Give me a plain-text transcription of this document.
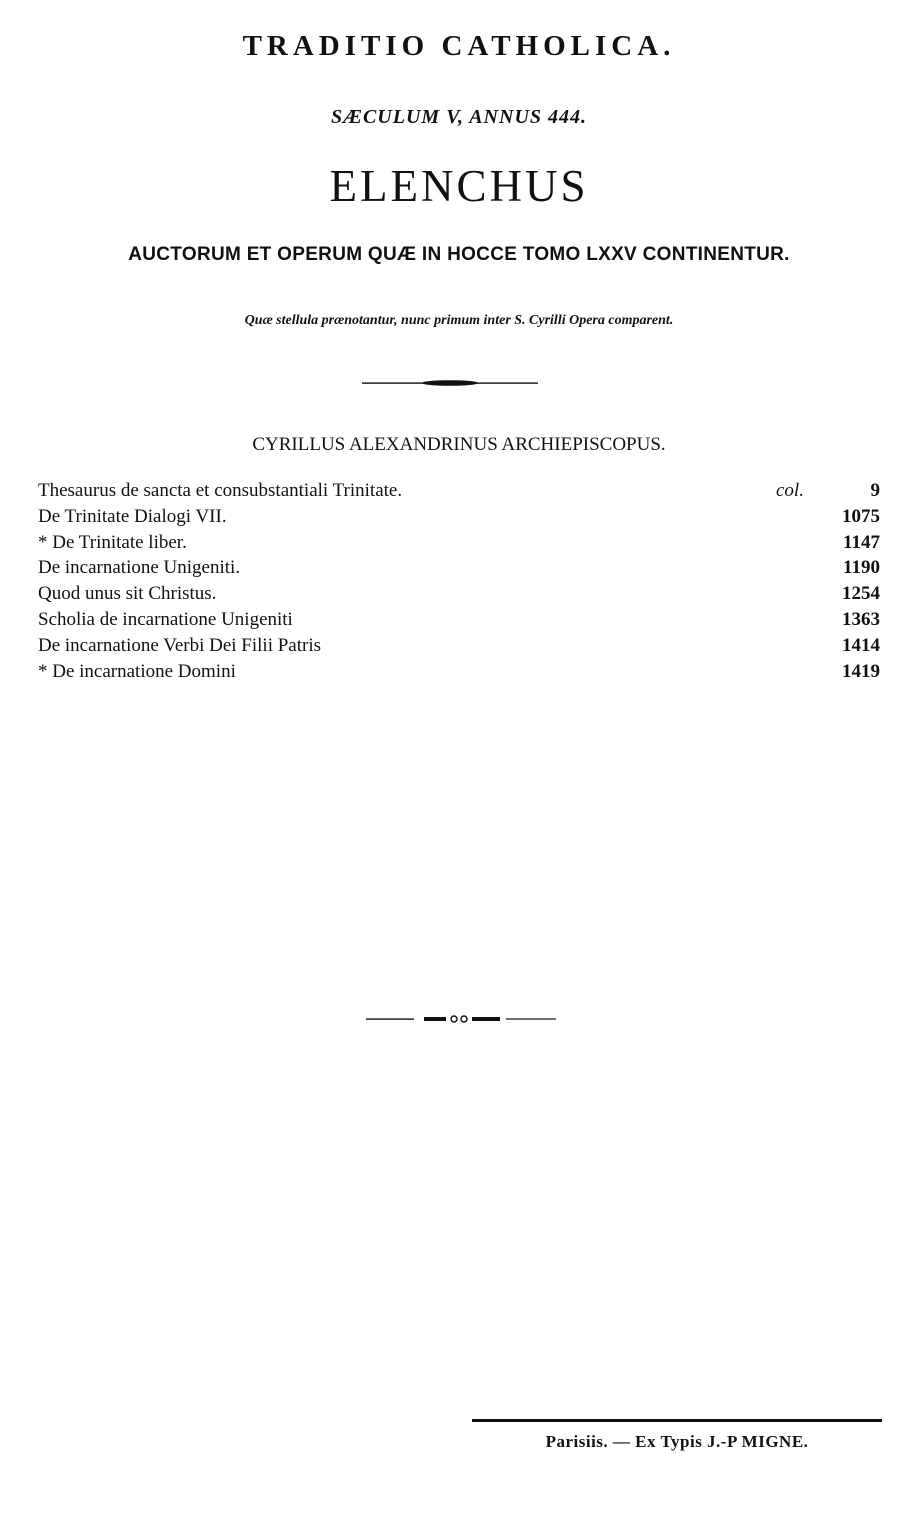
TRADITIO CATHOLICA.
SÆCULUM V, ANNUS 444.
ELENCHUS
AUCTORUM ET OPERUM QUÆ IN HOCCE TOMO LXXV CONTINENTUR.
Quæ stellula prænotantur, nunc primum inter S. Cyrilli Opera comparent.
CYRILLUS ALEXANDRINUS ARCHIEPISCOPUS.
Thesaurus de sancta et consubstantiali Trinitate.	col.	9
De Trinitate Dialogi VII.	1075
* De Trinitate liber.	1147
De incarnatione Unigeniti.	1190
Quod unus sit Christus.	1254
Scholia de incarnatione Unigeniti	1363
De incarnatione Verbi Dei Filii Patris	1414
* De incarnatione Domini	1419
Parisiis. — Ex Typis J.-P MIGNE.
